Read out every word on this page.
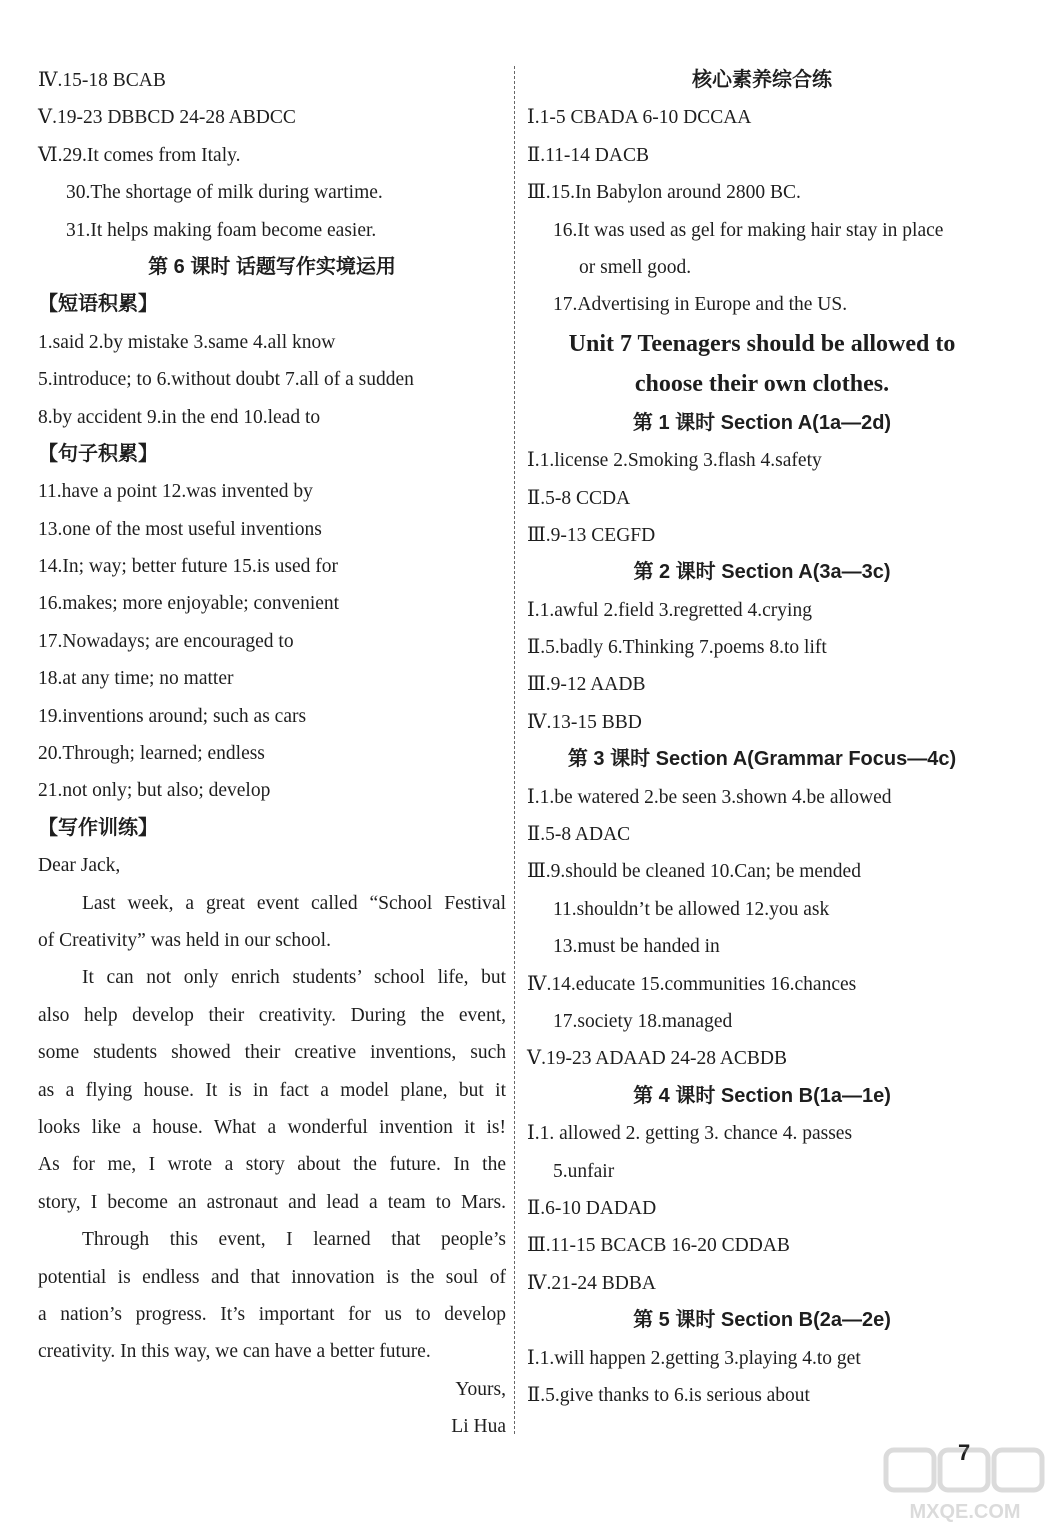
Ⅳ.15-18 BCAB
Ⅴ.19-23 DBBCD 24-28 ABDCC
Ⅵ.29.It comes from Italy.
30.The shortage of milk during wartime.
31.It helps making foam become easier.
第 6 课时 话题写作实境运用
【短语积累】
1.said 2.by mistake 3.same 4.all know
5.introduce; to 6.without doubt 7.all of a sudden
8.by accident 9.in the end 10.lead to
【句子积累】
11.have a point 12.was invented by
13.one of the most useful inventions
14.In; way; better future 15.is used for
16.makes; more enjoyable; convenient
17.Nowadays; are encouraged to
18.at any time; no matter
19.inventions around; such as cars
20.Through; learned; endless
21.not only; but also; develop
【写作训练】
Dear Jack,
Last week, a great event called “School Festival
of Creativity” was held in our school.
It can not only enrich students’ school life, but
also help develop their creativity. During the event,
some students showed their creative inventions, such
as a flying house. It is in fact a model plane, but it
looks like a house. What a wonderful invention it is!
As for me, I wrote a story about the future. In the
story, I become an astronaut and lead a team to Mars.
Through this event, I learned that people’s
potential is endless and that innovation is the soul of
a nation’s progress. It’s important for us to develop
creativity. In this way, we can have a better future.
Yours,
Li Hua
核心素养综合练
Ⅰ.1-5 CBADA 6-10 DCCAA
Ⅱ.11-14 DACB
Ⅲ.15.In Babylon around 2800 BC.
16.It was used as gel for making hair stay in place
or smell good.
17.Advertising in Europe and the US.
Unit 7 Teenagers should be allowed to
choose their own clothes.
第 1 课时 Section A(1a—2d)
Ⅰ.1.license 2.Smoking 3.flash 4.safety
Ⅱ.5-8 CCDA
Ⅲ.9-13 CEGFD
第 2 课时 Section A(3a—3c)
Ⅰ.1.awful 2.field 3.regretted 4.crying
Ⅱ.5.badly 6.Thinking 7.poems 8.to lift
Ⅲ.9-12 AADB
Ⅳ.13-15 BBD
第 3 课时 Section A(Grammar Focus—4c)
Ⅰ.1.be watered 2.be seen 3.shown 4.be allowed
Ⅱ.5-8 ADAC
Ⅲ.9.should be cleaned 10.Can; be mended
11.shouldn’t be allowed 12.you ask
13.must be handed in
Ⅳ.14.educate 15.communities 16.chances
17.society 18.managed
Ⅴ.19-23 ADAAD 24-28 ACBDB
第 4 课时 Section B(1a—1e)
Ⅰ.1. allowed 2. getting 3. chance 4. passes
5.unfair
Ⅱ.6-10 DADAD
Ⅲ.11-15 BCACB 16-20 CDDAB
Ⅳ.21-24 BDBA
第 5 课时 Section B(2a—2e)
Ⅰ.1.will happen 2.getting 3.playing 4.to get
Ⅱ.5.give thanks to 6.is serious about
7
MXQE.COM
